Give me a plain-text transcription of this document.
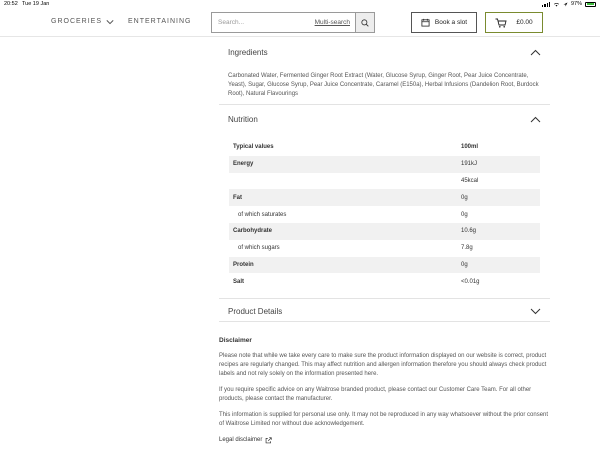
20:52 Tue 19 Jan	97%
GROCERIES	ENTERTAINING
Search...	Multi-search	Book a slot	£0.00
Ingredients
Carbonated Water, Fermented Ginger Root Extract (Water, Glucose Syrup, Ginger Root, Pear Juice Concentrate, Yeast), Sugar, Glucose Syrup, Pear Juice Concentrate, Caramel (E150a), Herbal Infusions (Dandelion Root, Burdock Root), Natural Flavourings
Nutrition
Typical values	100ml
Energy	191kJ
	45kcal
Fat	0g
of which saturates	0g
Carbohydrate	10.6g
of which sugars	7.8g
Protein	0g
Salt	<0.01g
Product Details
Disclaimer

Please note that while we take every care to make sure the product information displayed on our website is correct, product recipes are regularly changed. This may affect nutrition and allergen information therefore you should always check product labels and not rely solely on the information presented here.

If you require specific advice on any Waitrose branded product, please contact our Customer Care Team. For all other products, please contact the manufacturer.

This information is supplied for personal use only. It may not be reproduced in any way whatsoever without the prior consent of Waitrose Limited nor without due acknowledgement.

Legal disclaimer
